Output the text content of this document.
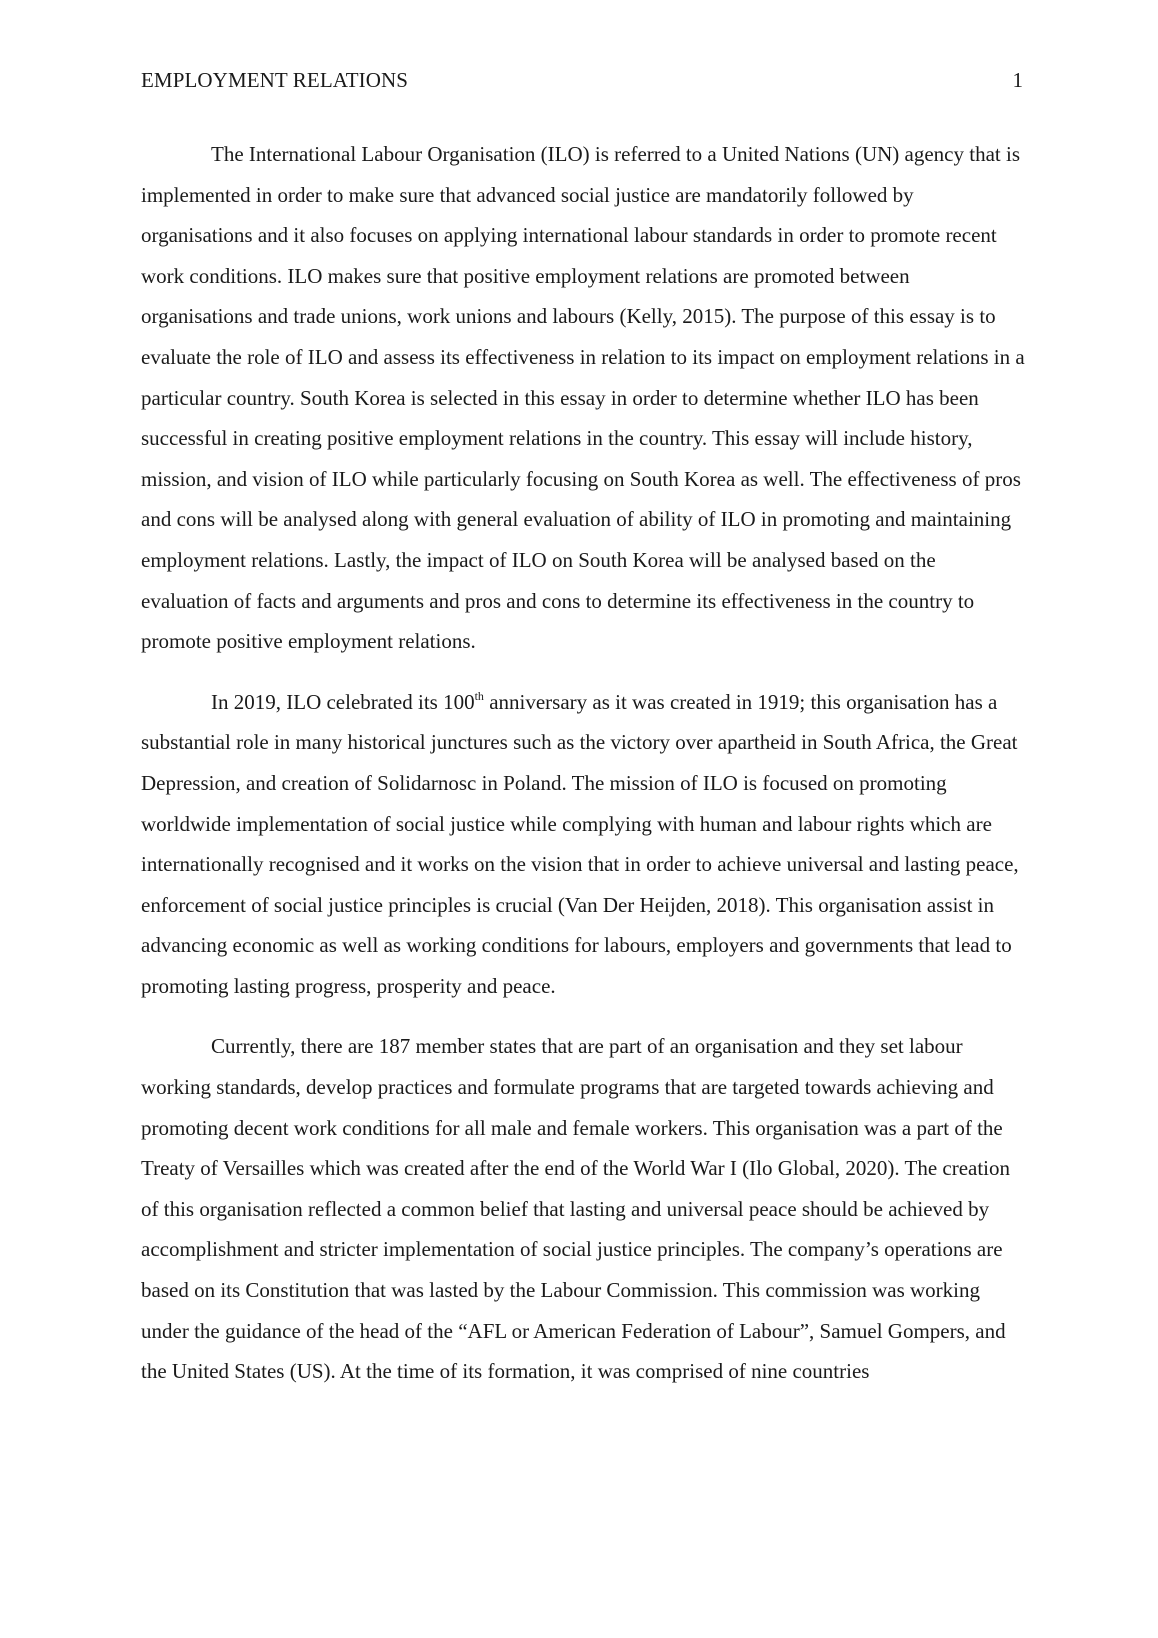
EMPLOYMENT RELATIONS	1

The International Labour Organisation (ILO) is referred to a United Nations (UN) agency that is implemented in order to make sure that advanced social justice are mandatorily followed by organisations and it also focuses on applying international labour standards in order to promote recent work conditions. ILO makes sure that positive employment relations are promoted between organisations and trade unions, work unions and labours (Kelly, 2015). The purpose of this essay is to evaluate the role of ILO and assess its effectiveness in relation to its impact on employment relations in a particular country. South Korea is selected in this essay in order to determine whether ILO has been successful in creating positive employment relations in the country. This essay will include history, mission, and vision of ILO while particularly focusing on South Korea as well. The effectiveness of pros and cons will be analysed along with general evaluation of ability of ILO in promoting and maintaining employment relations. Lastly, the impact of ILO on South Korea will be analysed based on the evaluation of facts and arguments and pros and cons to determine its effectiveness in the country to promote positive employment relations.

In 2019, ILO celebrated its 100th anniversary as it was created in 1919; this organisation has a substantial role in many historical junctures such as the victory over apartheid in South Africa, the Great Depression, and creation of Solidarnosc in Poland. The mission of ILO is focused on promoting worldwide implementation of social justice while complying with human and labour rights which are internationally recognised and it works on the vision that in order to achieve universal and lasting peace, enforcement of social justice principles is crucial (Van Der Heijden, 2018). This organisation assist in advancing economic as well as working conditions for labours, employers and governments that lead to promoting lasting progress, prosperity and peace.

Currently, there are 187 member states that are part of an organisation and they set labour working standards, develop practices and formulate programs that are targeted towards achieving and promoting decent work conditions for all male and female workers. This organisation was a part of the Treaty of Versailles which was created after the end of the World War I (Ilo Global, 2020). The creation of this organisation reflected a common belief that lasting and universal peace should be achieved by accomplishment and stricter implementation of social justice principles. The company’s operations are based on its Constitution that was lasted by the Labour Commission. This commission was working under the guidance of the head of the “AFL or American Federation of Labour”, Samuel Gompers, and the United States (US). At the time of its formation, it was comprised of nine countries
